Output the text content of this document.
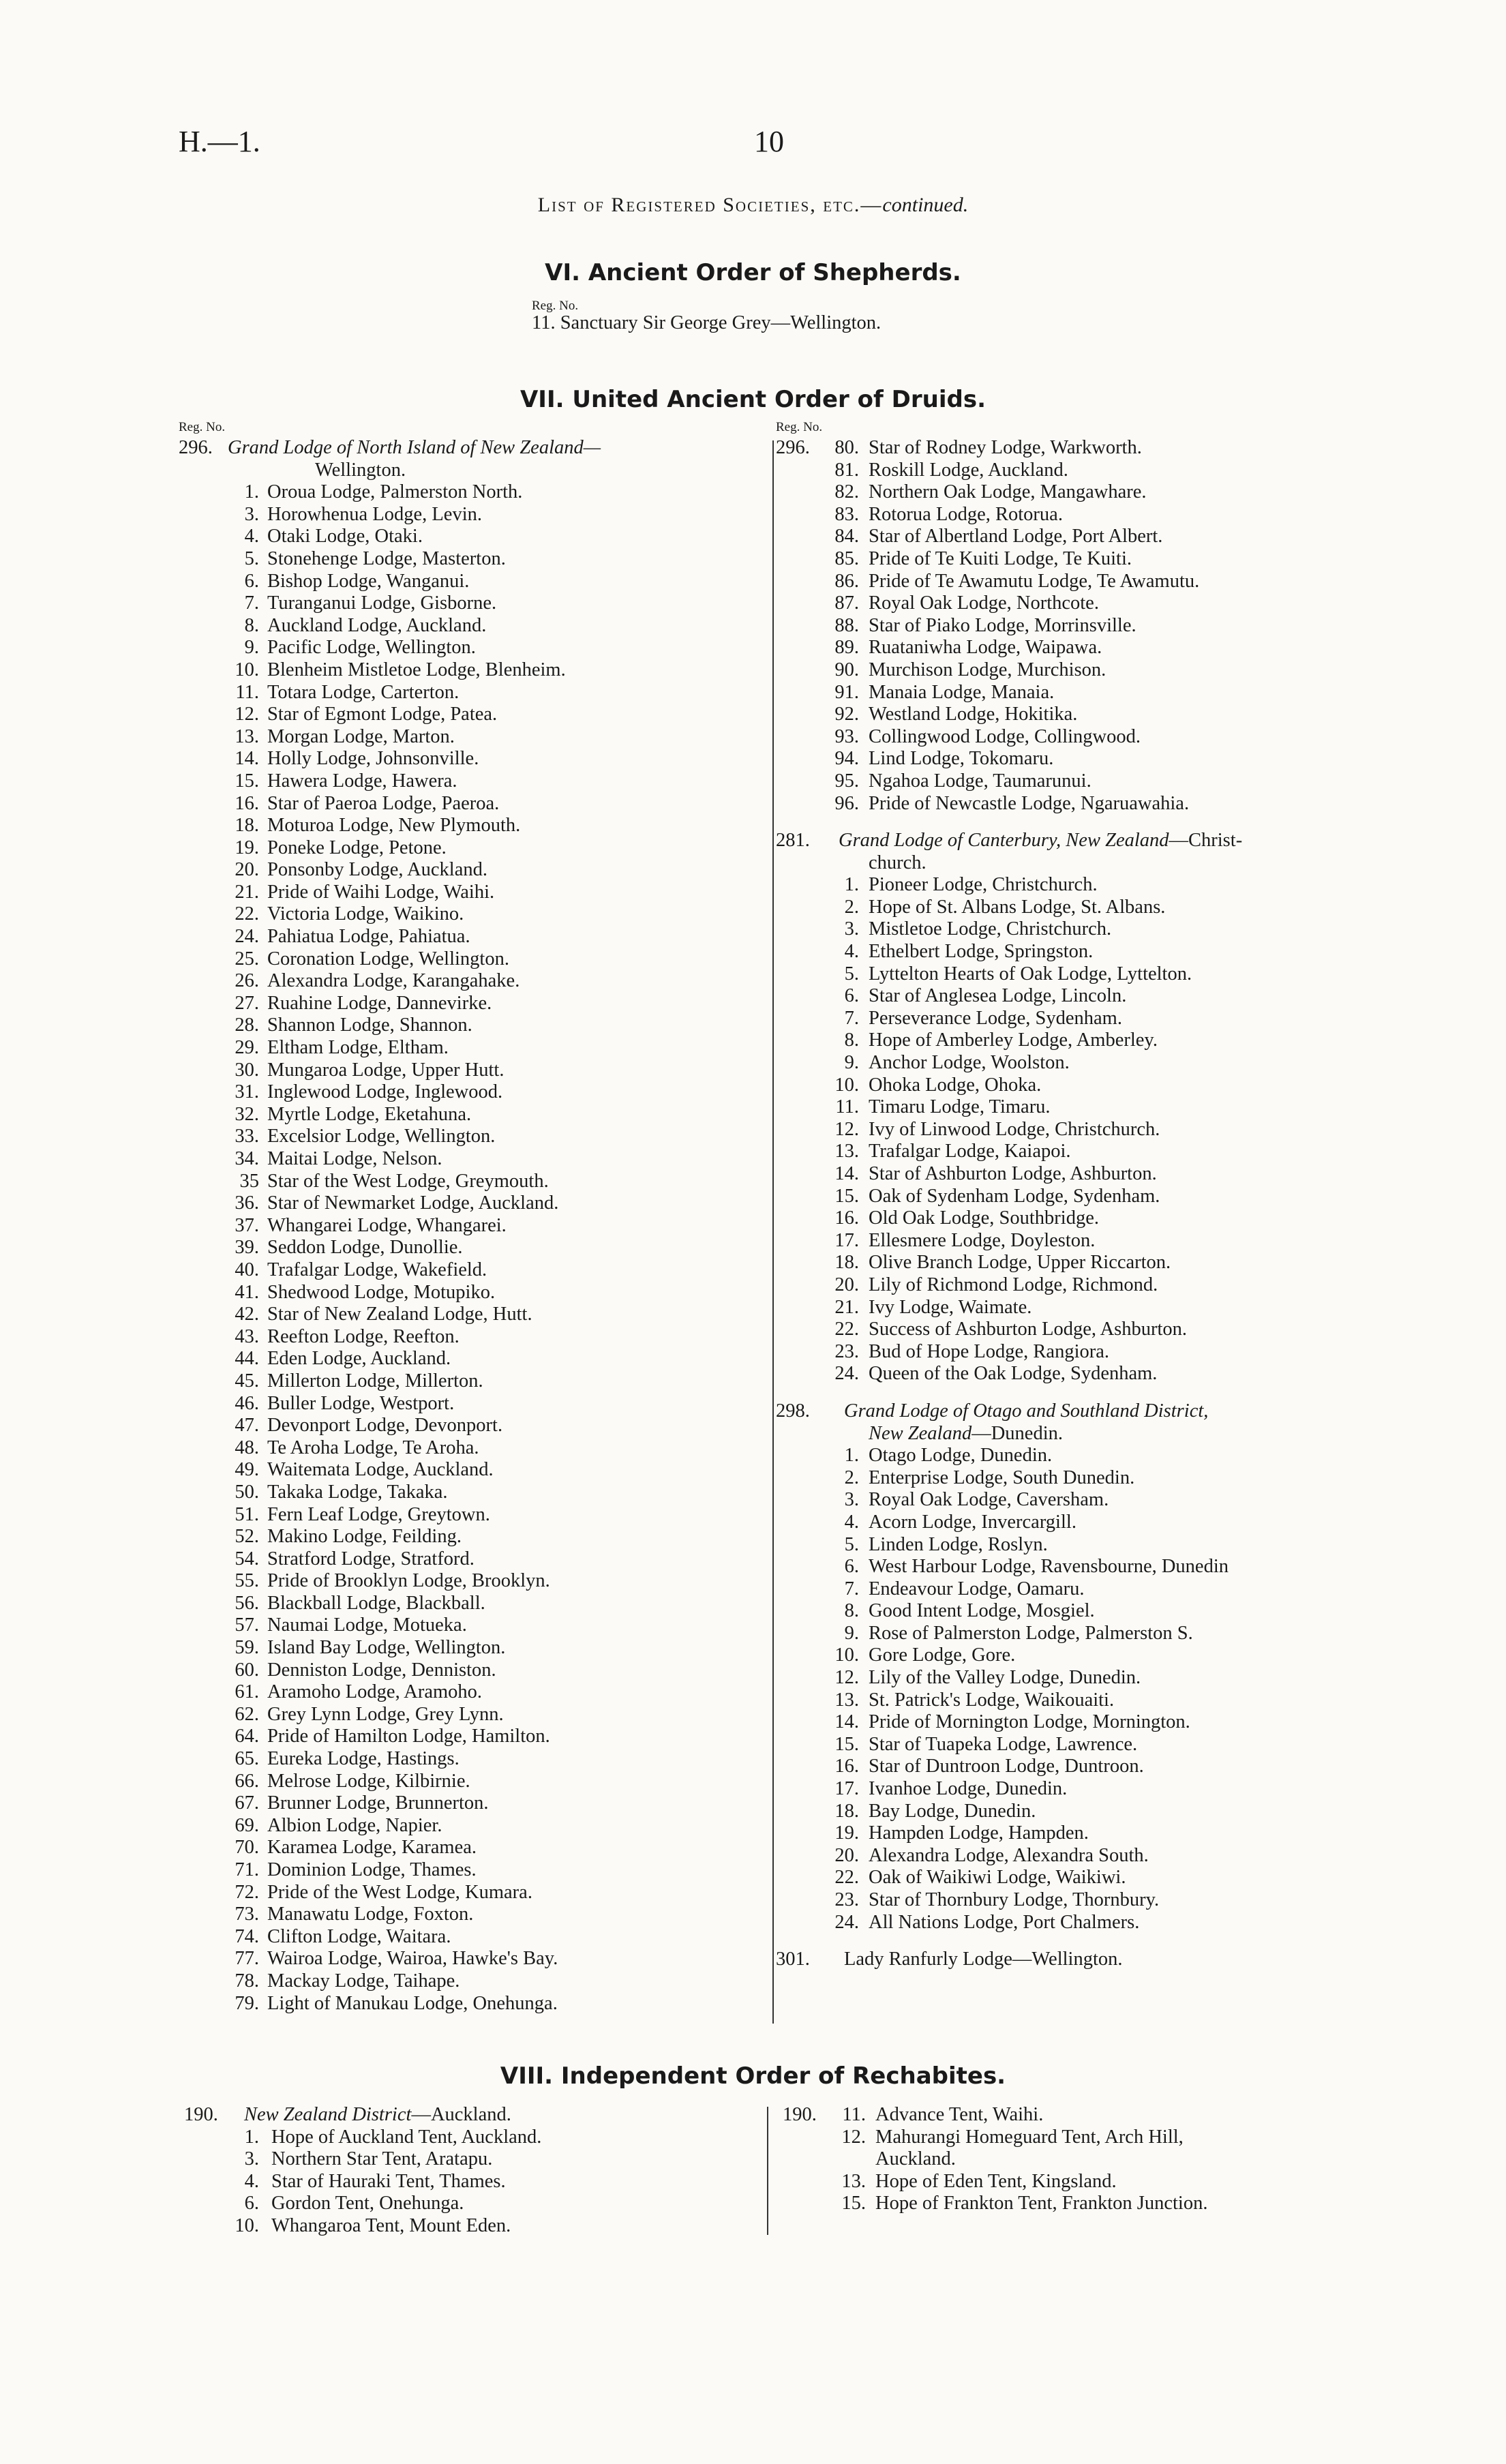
H.—1.	10
List of Registered Societies, etc.—continued.
VI. Ancient Order of Shepherds.
Reg. No.
11. Sanctuary Sir George Grey—Wellington.
VII. United Ancient Order of Druids.
Reg. No.	Reg. No.
296. Grand Lodge of North Island of New Zealand—
Wellington.
1. Oroua Lodge, Palmerston North.
3. Horowhenua Lodge, Levin.
4. Otaki Lodge, Otaki.
5. Stonehenge Lodge, Masterton.
6. Bishop Lodge, Wanganui.
7. Turanganui Lodge, Gisborne.
8. Auckland Lodge, Auckland.
9. Pacific Lodge, Wellington.
10. Blenheim Mistletoe Lodge, Blenheim.
11. Totara Lodge, Carterton.
12. Star of Egmont Lodge, Patea.
13. Morgan Lodge, Marton.
14. Holly Lodge, Johnsonville.
15. Hawera Lodge, Hawera.
16. Star of Paeroa Lodge, Paeroa.
18. Moturoa Lodge, New Plymouth.
19. Poneke Lodge, Petone.
20. Ponsonby Lodge, Auckland.
21. Pride of Waihi Lodge, Waihi.
22. Victoria Lodge, Waikino.
24. Pahiatua Lodge, Pahiatua.
25. Coronation Lodge, Wellington.
26. Alexandra Lodge, Karangahake.
27. Ruahine Lodge, Dannevirke.
28. Shannon Lodge, Shannon.
29. Eltham Lodge, Eltham.
30. Mungaroa Lodge, Upper Hutt.
31. Inglewood Lodge, Inglewood.
32. Myrtle Lodge, Eketahuna.
33. Excelsior Lodge, Wellington.
34. Maitai Lodge, Nelson.
35 Star of the West Lodge, Greymouth.
36. Star of Newmarket Lodge, Auckland.
37. Whangarei Lodge, Whangarei.
39. Seddon Lodge, Dunollie.
40. Trafalgar Lodge, Wakefield.
41. Shedwood Lodge, Motupiko.
42. Star of New Zealand Lodge, Hutt.
43. Reefton Lodge, Reefton.
44. Eden Lodge, Auckland.
45. Millerton Lodge, Millerton.
46. Buller Lodge, Westport.
47. Devonport Lodge, Devonport.
48. Te Aroha Lodge, Te Aroha.
49. Waitemata Lodge, Auckland.
50. Takaka Lodge, Takaka.
51. Fern Leaf Lodge, Greytown.
52. Makino Lodge, Feilding.
54. Stratford Lodge, Stratford.
55. Pride of Brooklyn Lodge, Brooklyn.
56. Blackball Lodge, Blackball.
57. Naumai Lodge, Motueka.
59. Island Bay Lodge, Wellington.
60. Denniston Lodge, Denniston.
61. Aramoho Lodge, Aramoho.
62. Grey Lynn Lodge, Grey Lynn.
64. Pride of Hamilton Lodge, Hamilton.
65. Eureka Lodge, Hastings.
66. Melrose Lodge, Kilbirnie.
67. Brunner Lodge, Brunnerton.
69. Albion Lodge, Napier.
70. Karamea Lodge, Karamea.
71. Dominion Lodge, Thames.
72. Pride of the West Lodge, Kumara.
73. Manawatu Lodge, Foxton.
74. Clifton Lodge, Waitara.
77. Wairoa Lodge, Wairoa, Hawke's Bay.
78. Mackay Lodge, Taihape.
79. Light of Manukau Lodge, Onehunga.
296.	80. Star of Rodney Lodge, Warkworth.
81. Roskill Lodge, Auckland.
82. Northern Oak Lodge, Mangawhare.
83. Rotorua Lodge, Rotorua.
84. Star of Albertland Lodge, Port Albert.
85. Pride of Te Kuiti Lodge, Te Kuiti.
86. Pride of Te Awamutu Lodge, Te Awamutu.
87. Royal Oak Lodge, Northcote.
88. Star of Piako Lodge, Morrinsville.
89. Ruataniwha Lodge, Waipawa.
90. Murchison Lodge, Murchison.
91. Manaia Lodge, Manaia.
92. Westland Lodge, Hokitika.
93. Collingwood Lodge, Collingwood.
94. Lind Lodge, Tokomaru.
95. Ngahoa Lodge, Taumarunui.
96. Pride of Newcastle Lodge, Ngaruawahia.
281. Grand Lodge of Canterbury, New Zealand—Christ-
church.
1. Pioneer Lodge, Christchurch.
2. Hope of St. Albans Lodge, St. Albans.
3. Mistletoe Lodge, Christchurch.
4. Ethelbert Lodge, Springston.
5. Lyttelton Hearts of Oak Lodge, Lyttelton.
6. Star of Anglesea Lodge, Lincoln.
7. Perseverance Lodge, Sydenham.
8. Hope of Amberley Lodge, Amberley.
9. Anchor Lodge, Woolston.
10. Ohoka Lodge, Ohoka.
11. Timaru Lodge, Timaru.
12. Ivy of Linwood Lodge, Christchurch.
13. Trafalgar Lodge, Kaiapoi.
14. Star of Ashburton Lodge, Ashburton.
15. Oak of Sydenham Lodge, Sydenham.
16. Old Oak Lodge, Southbridge.
17. Ellesmere Lodge, Doyleston.
18. Olive Branch Lodge, Upper Riccarton.
20. Lily of Richmond Lodge, Richmond.
21. Ivy Lodge, Waimate.
22. Success of Ashburton Lodge, Ashburton.
23. Bud of Hope Lodge, Rangiora.
24. Queen of the Oak Lodge, Sydenham.
298. Grand Lodge of Otago and Southland District,
New Zealand—Dunedin.
1. Otago Lodge, Dunedin.
2. Enterprise Lodge, South Dunedin.
3. Royal Oak Lodge, Caversham.
4. Acorn Lodge, Invercargill.
5. Linden Lodge, Roslyn.
6. West Harbour Lodge, Ravensbourne, Dunedin
7. Endeavour Lodge, Oamaru.
8. Good Intent Lodge, Mosgiel.
9. Rose of Palmerston Lodge, Palmerston S.
10. Gore Lodge, Gore.
12. Lily of the Valley Lodge, Dunedin.
13. St. Patrick's Lodge, Waikouaiti.
14. Pride of Mornington Lodge, Mornington.
15. Star of Tuapeka Lodge, Lawrence.
16. Star of Duntroon Lodge, Duntroon.
17. Ivanhoe Lodge, Dunedin.
18. Bay Lodge, Dunedin.
19. Hampden Lodge, Hampden.
20. Alexandra Lodge, Alexandra South.
22. Oak of Waikiwi Lodge, Waikiwi.
23. Star of Thornbury Lodge, Thornbury.
24. All Nations Lodge, Port Chalmers.
301. Lady Ranfurly Lodge—Wellington.
VIII. Independent Order of Rechabites.
190. New Zealand District—Auckland.
1. Hope of Auckland Tent, Auckland.
3. Northern Star Tent, Aratapu.
4. Star of Hauraki Tent, Thames.
6. Gordon Tent, Onehunga.
10. Whangaroa Tent, Mount Eden.
190.	11. Advance Tent, Waihi.
12. Mahurangi Homeguard Tent, Arch Hill,
Auckland.
13. Hope of Eden Tent, Kingsland.
15. Hope of Frankton Tent, Frankton Junction.
